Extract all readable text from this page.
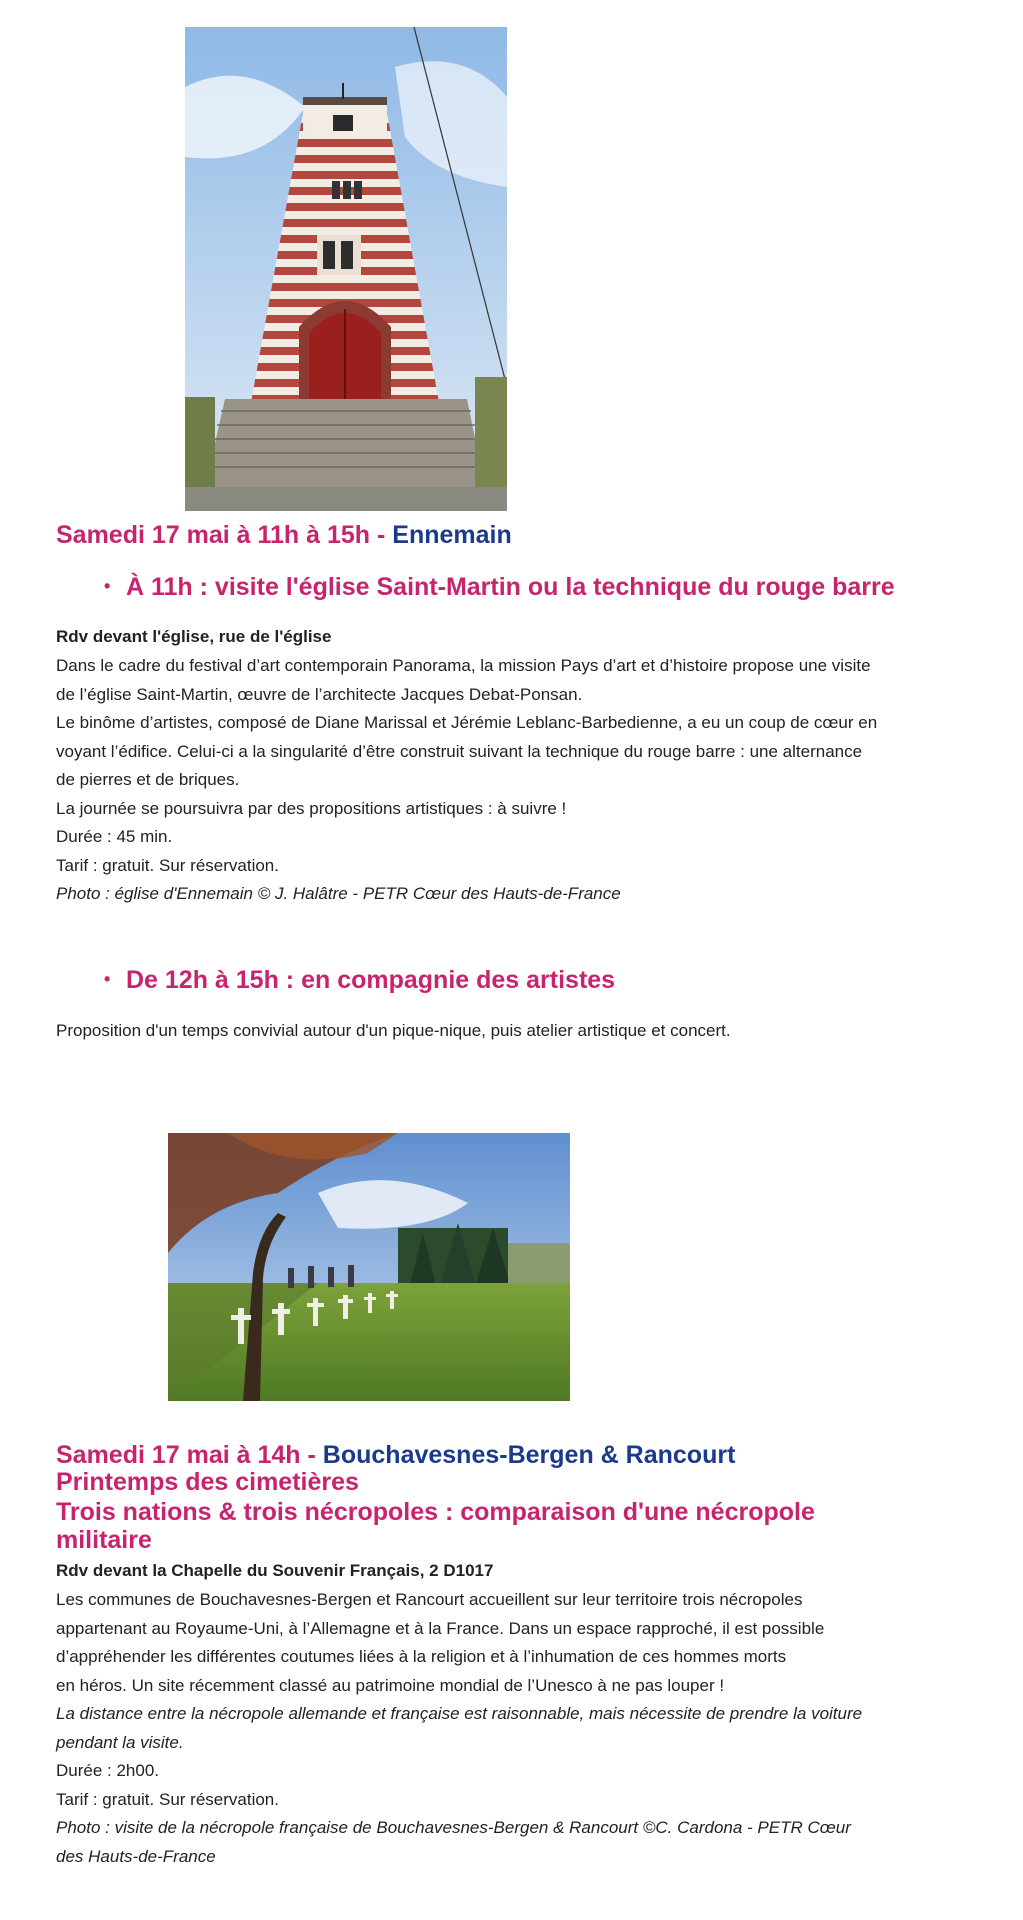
Samedi 17 mai à 11h à 15h - Ennemain
• À 11h : visite l'église Saint-Martin ou la technique du rouge barre
Rdv devant l'église, rue de l'église

Dans le cadre du festival d’art contemporain Panorama, la mission Pays d’art et d’histoire propose une visite

de l’église Saint-Martin, œuvre de l’architecte Jacques Debat-Ponsan.

Le binôme d’artistes, composé de Diane Marissal et Jérémie Leblanc-Barbedienne, a eu un coup de cœur en

voyant l’édifice. Celui-ci a la singularité d’être construit suivant la technique du rouge barre : une alternance

de pierres et de briques.

La journée se poursuivra par des propositions artistiques : à suivre !

Durée : 45 min.

Tarif : gratuit. Sur réservation.

Photo : église d'Ennemain © J. Halâtre - PETR Cœur des Hauts-de-France

• De 12h à 15h : en compagnie des artistes
Proposition d'un temps convivial autour d'un pique-nique, puis atelier artistique et concert.
Samedi 17 mai à 14h - Bouchavesnes-Bergen & Rancourt
Printemps des cimetières
Trois nations & trois nécropoles : comparaison d'une nécropole
militaire
Rdv devant la Chapelle du Souvenir Français, 2 D1017

Les communes de Bouchavesnes-Bergen et Rancourt accueillent sur leur territoire trois nécropoles

appartenant au Royaume-Uni, à l’Allemagne et à la France. Dans un espace rapproché, il est possible

d’appréhender les différentes coutumes liées à la religion et à l’inhumation de ces hommes morts

en héros. Un site récemment classé au patrimoine mondial de l’Unesco à ne pas louper !

La distance entre la nécropole allemande et française est raisonnable, mais nécessite de prendre la voiture

pendant la visite.

Durée : 2h00.

Tarif : gratuit. Sur réservation.

Photo : visite de la nécropole française de Bouchavesnes-Bergen & Rancourt ©C. Cardona - PETR Cœur

des Hauts-de-France
